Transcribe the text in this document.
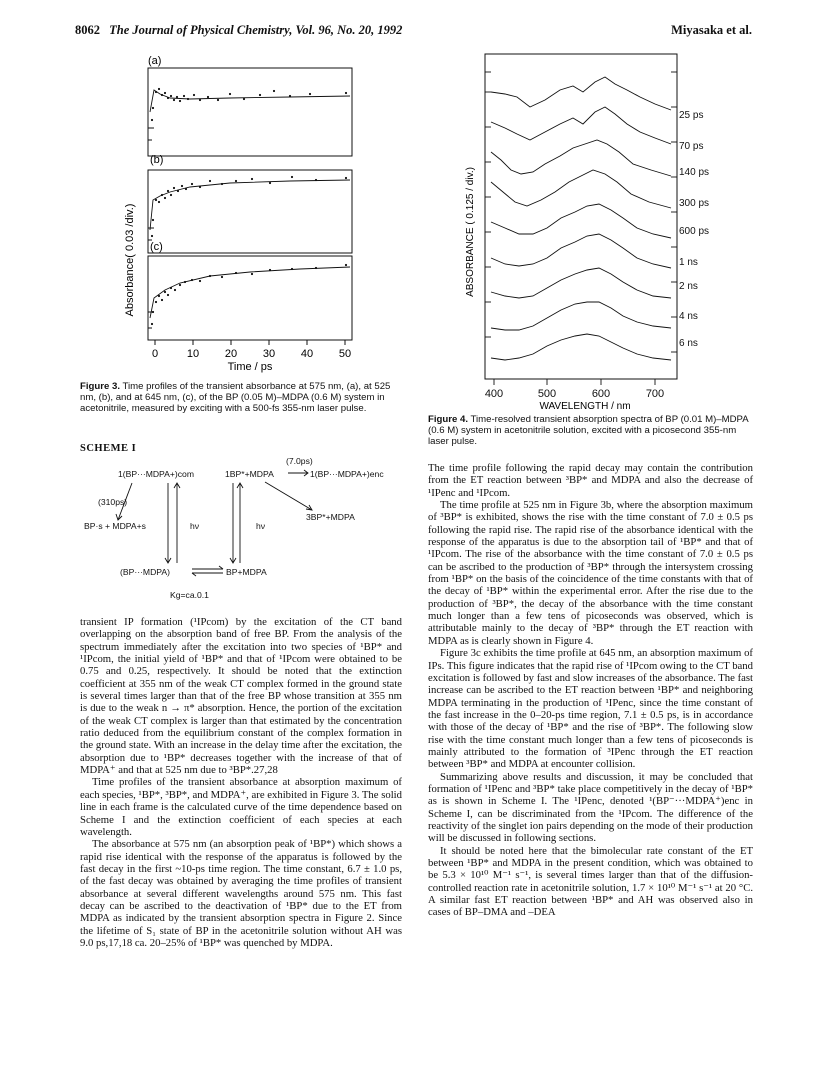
8062 The Journal of Physical Chemistry, Vol. 96, No. 20, 1992	Miyasaka et al.
(a)
(b)
(c)
0	10 20 30 40 50
Time / ps
Absorbance( 0.03 /div.)
Figure 3. Time profiles of the transient absorbance at 575 nm, (a), at 525 nm, (b), and at 645 nm, (c), of the BP (0.05 M)–MDPA (0.6 M) system in acetonitrile, measured by exciting with a 500-fs 355-nm laser pulse.
SCHEME I
(7.0ps)
1(BP···MDPA+)com	1BP*+MDPA	1(BP···MDPA+)enc
(310ps)
3BP*+MDPA
BP·s + MDPA+s	hν	hν
(BP···MDPA)	BP+MDPA
Kg=ca.0.1

transient IP formation (¹IPcom) by the excitation of the CT band overlapping on the absorption band of free BP. From the analysis of the spectrum immediately after the excitation into two species of ¹BP* and ¹IPcom, the initial yield of ¹BP* and that of ¹IPcom were obtained to be 0.75 and 0.25, respectively. It should be noted that the extinction coefficient at 355 nm of the weak CT complex formed in the ground state is several times larger than that of the free BP whose transition at 355 nm is due to the weak n → π* absorption. Hence, the portion of the excitation of the weak CT complex is larger than that estimated by the concentration ratio deduced from the equilibrium constant of the complex formation in the ground state. With an increase in the delay time after the excitation, the absorption due to ¹BP* decreases together with the increase of that of MDPA⁺ and that at 525 nm due to ³BP*.27,28

Time profiles of the transient absorbance at absorption maximum of each species, ¹BP*, ³BP*, and MDPA⁺, are exhibited in Figure 3. The solid line in each frame is the calculated curve of the time dependence based on Scheme I and the extinction coefficient of each species at each wavelength.

The absorbance at 575 nm (an absorption peak of ¹BP*) which shows a rapid rise identical with the response of the apparatus is followed by the fast decay in the first ~10-ps time region. The time constant, 6.7 ± 1.0 ps, of the fast decay was obtained by averaging the time profiles of transient absorbance at several different wavelengths around 575 nm. This fast decay can be ascribed to the deactivation of ¹BP* due to the ET from MDPA as indicated by the transient absorption spectra in Figure 2. Since the lifetime of S₁ state of BP in the acetonitrile solution without AH was 9.0 ps,17,18 ca. 20–25% of ¹BP* was quenched by MDPA.

25 ps
70 ps
140 ps
300 ps
600 ps
1 ns
2 ns
4 ns
6 ns
400	500	600	700
WAVELENGTH / nm
ABSORBANCE ( 0.125 / div.)
Figure 4. Time-resolved transient absorption spectra of BP (0.01 M)–MDPA (0.6 M) system in acetonitrile solution, excited with a picosecond 355-nm laser pulse.

The time profile following the rapid decay may contain the contribution from the ET reaction between ³BP* and MDPA and also the decrease of ¹IPenc and ¹IPcom.

The time profile at 525 nm in Figure 3b, where the absorption maximum of ³BP* is exhibited, shows the rise with the time constant of 7.0 ± 0.5 ps following the rapid rise. The rapid rise of the absorbance identical with the response of the apparatus is due to the absorption tail of ¹BP* and that of ¹IPcom. The rise of the absorbance with the time constant of 7.0 ± 0.5 ps can be ascribed to the production of ³BP* through the intersystem crossing from ¹BP* on the basis of the coincidence of the time constants with that of the decay of ¹BP* within the experimental error. After the rise due to the production of ³BP*, the decay of the absorbance with the time constant much longer than a few tens of picoseconds was observed, which is attributable mainly to the decay of ³BP* through the ET reaction with MDPA as is clearly shown in Figure 4.

Figure 3c exhibits the time profile at 645 nm, an absorption maximum of IPs. This figure indicates that the rapid rise of ¹IPcom owing to the CT band excitation is followed by fast and slow increases of the absorbance. The fast increase can be ascribed to the ET reaction between ¹BP* and neighboring MDPA terminating in the production of ¹IPenc, since the time constant of the fast increase in the 0–20-ps time region, 7.1 ± 0.5 ps, is in accordance with those of the decay of ¹BP* and the rise of ³BP*. The following slow rise with the time constant much longer than a few tens of picoseconds is mainly attributed to the formation of ³IPenc through the ET reaction between ³BP* and MDPA at encounter collision.

Summarizing above results and discussion, it may be concluded that formation of ¹IPenc and ³BP* take place competitively in the decay of ¹BP* as is shown in Scheme I. The ¹IPenc, denoted ¹(BP⁻···MDPA⁺)enc in Scheme I, can be discriminated from the ¹IPcom. The difference of the reactivity of the singlet ion pairs depending on the mode of their production will be discussed in following sections.

It should be noted here that the bimolecular rate constant of the ET between ¹BP* and MDPA in the present condition, which was obtained to be 5.3 × 10¹⁰ M⁻¹ s⁻¹, is several times larger than that of the diffusion-controlled reaction rate in acetonitrile solution, 1.7 × 10¹⁰ M⁻¹ s⁻¹ at 20 °C. A similar fast ET reaction between ¹BP* and AH was observed also in cases of BP–DMA and –DEA
